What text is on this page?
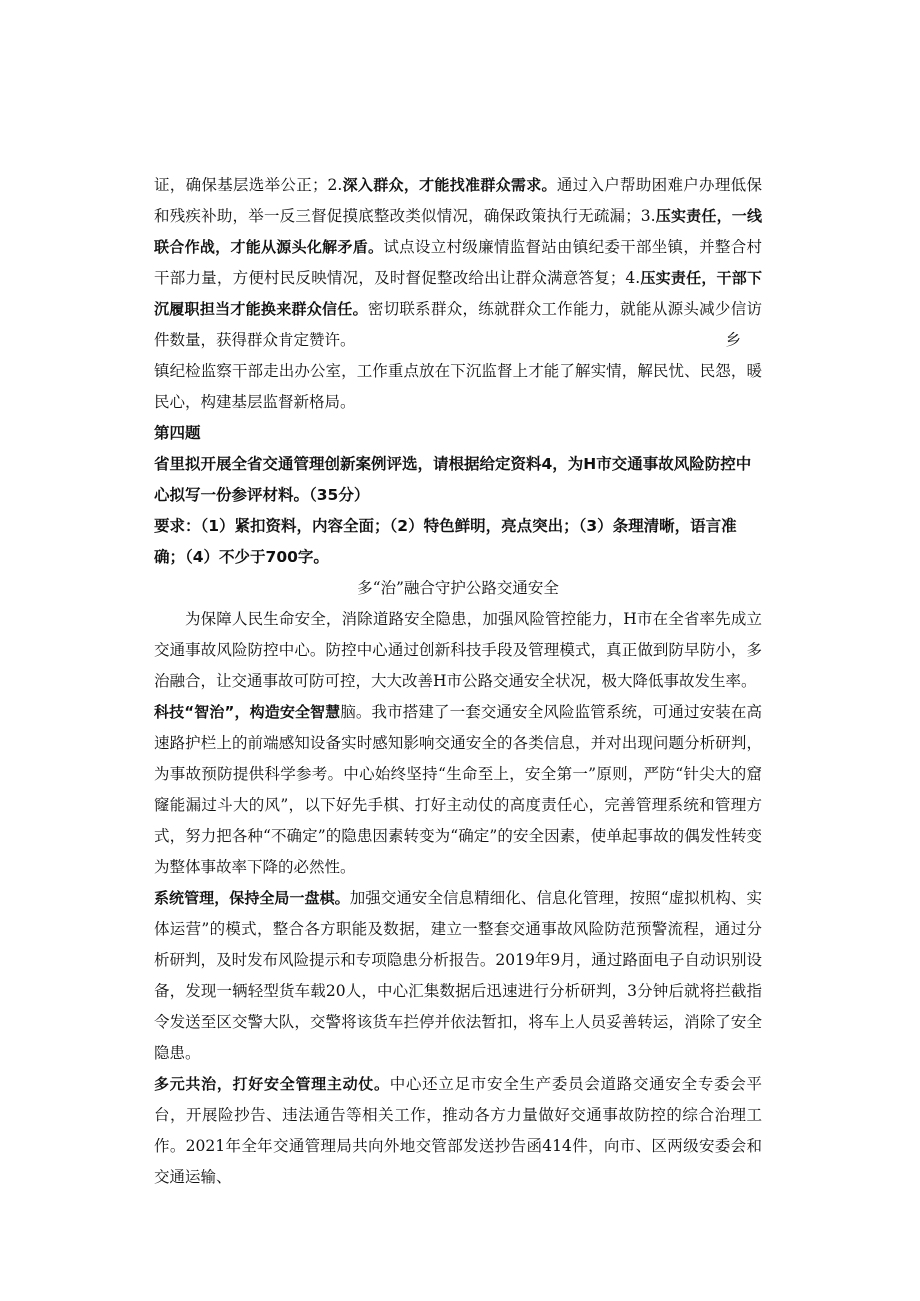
证，确保基层选举公正；2.深入群众，才能找准群众需求。通过入户帮助困难户办理低保和残疾补助，举一反三督促摸底整改类似情况，确保政策执行无疏漏；3.压实责任，一线联合作战，才能从源头化解矛盾。试点设立村级廉情监督站由镇纪委干部坐镇，并整合村干部力量，方便村民反映情况，及时督促整改给出让群众满意答复；4.压实责任，干部下沉履职担当才能换来群众信任。密切联系群众，练就群众工作能力，就能从源头减少信访件数量，获得群众肯定赞许。	乡

镇纪检监察干部走出办公室，工作重点放在下沉监督上才能了解实情，解民忧、民怨，暖民心，构建基层监督新格局。

第四题

省里拟开展全省交通管理创新案例评选，请根据给定资料4，为H市交通事故风险防控中心拟写一份参评材料。（35分）

要求：（1）紧扣资料，内容全面；（2）特色鲜明，亮点突出；（3）条理清晰，语言准确；（4）不少于700字。

多“治”融合守护公路交通安全

为保障人民生命安全，消除道路安全隐患，加强风险管控能力，H市在全省率先成立交通事故风险防控中心。防控中心通过创新科技手段及管理模式，真正做到防早防小，多治融合，让交通事故可防可控，大大改善H市公路交通安全状况，极大降低事故发生率。

科技“智治”，构造安全智慧脑。我市搭建了一套交通安全风险监管系统，可通过安装在高速路护栏上的前端感知设备实时感知影响交通安全的各类信息，并对出现问题分析研判，为事故预防提供科学参考。中心始终坚持“生命至上，安全第一”原则，严防“针尖大的窟窿能漏过斗大的风”，以下好先手棋、打好主动仗的高度责任心，完善管理系统和管理方式，努力把各种“不确定”的隐患因素转变为“确定”的安全因素，使单起事故的偶发性转变为整体事故率下降的必然性。

系统管理，保持全局一盘棋。加强交通安全信息精细化、信息化管理，按照“虚拟机构、实体运营”的模式，整合各方职能及数据，建立一整套交通事故风险防范预警流程，通过分析研判，及时发布风险提示和专项隐患分析报告。2019年9月，通过路面电子自动识别设备，发现一辆轻型货车载20人，中心汇集数据后迅速进行分析研判，3分钟后就将拦截指令发送至区交警大队，交警将该货车拦停并依法暂扣，将车上人员妥善转运，消除了安全隐患。

多元共治，打好安全管理主动仗。中心还立足市安全生产委员会道路交通安全专委会平台，开展险抄告、违法通告等相关工作，推动各方力量做好交通事故防控的综合治理工作。2021年全年交通管理局共向外地交管部发送抄告函414件，向市、区两级安委会和交通运输、
